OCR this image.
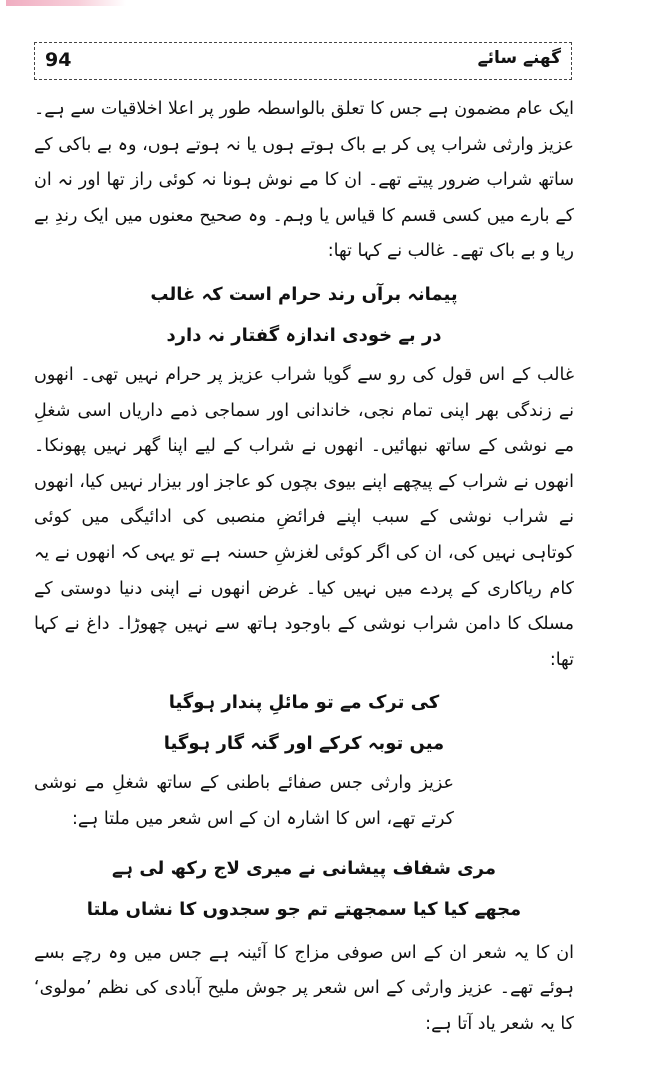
94	گھنے سائے

ایک عام مضمون ہے جس کا تعلق بالواسطہ طور پر اعلا اخلاقیات سے ہے۔ عزیز وارثی شراب پی کر بے باک ہوتے ہوں یا نہ ہوتے ہوں، وہ بے باکی کے ساتھ شراب ضرور پیتے تھے۔ ان کا مے نوش ہونا نہ کوئی راز تھا اور نہ ان کے بارے میں کسی قسم کا قیاس یا وہم۔ وہ صحیح معنوں میں ایک رندِ بے ریا و بے باک تھے۔ غالب نے کہا تھا:

پیمانہ برآں رند حرام است کہ غالب

در بے خودی اندازہ گفتار نہ دارد

غالب کے اس قول کی رو سے گویا شراب عزیز پر حرام نہیں تھی۔ انھوں نے زندگی بھر اپنی تمام نجی، خاندانی اور سماجی ذمے داریاں اسی شغلِ مے نوشی کے ساتھ نبھائیں۔ انھوں نے شراب کے لیے اپنا گھر نہیں پھونکا۔ انھوں نے شراب کے پیچھے اپنے بیوی بچوں کو عاجز اور بیزار نہیں کیا، انھوں نے شراب نوشی کے سبب اپنے فرائضِ منصبی کی ادائیگی میں کوئی کوتاہی نہیں کی، ان کی اگر کوئی لغزشِ حسنہ ہے تو یہی کہ انھوں نے یہ کام ریاکاری کے پردے میں نہیں کیا۔ غرض انھوں نے اپنی دنیا دوستی کے مسلک کا دامن شراب نوشی کے باوجود ہاتھ سے نہیں چھوڑا۔ داغ نے کہا تھا:

کی ترک مے تو مائلِ پندار ہوگیا

میں توبہ کرکے اور گنہ گار ہوگیا

عزیز وارثی جس صفائے باطنی کے ساتھ شغلِ مے نوشی کرتے تھے، اس کا اشارہ ان کے اس شعر میں ملتا ہے:

مری شفاف پیشانی نے میری لاج رکھ لی ہے

مجھے کیا کیا سمجھتے تم جو سجدوں کا نشاں ملتا

ان کا یہ شعر ان کے اس صوفی مزاج کا آئینہ ہے جس میں وہ رچے بسے ہوئے تھے۔ عزیز وارثی کے اس شعر پر جوش ملیح آبادی کی نظم ’مولوی‘ کا یہ شعر یاد آتا ہے:
